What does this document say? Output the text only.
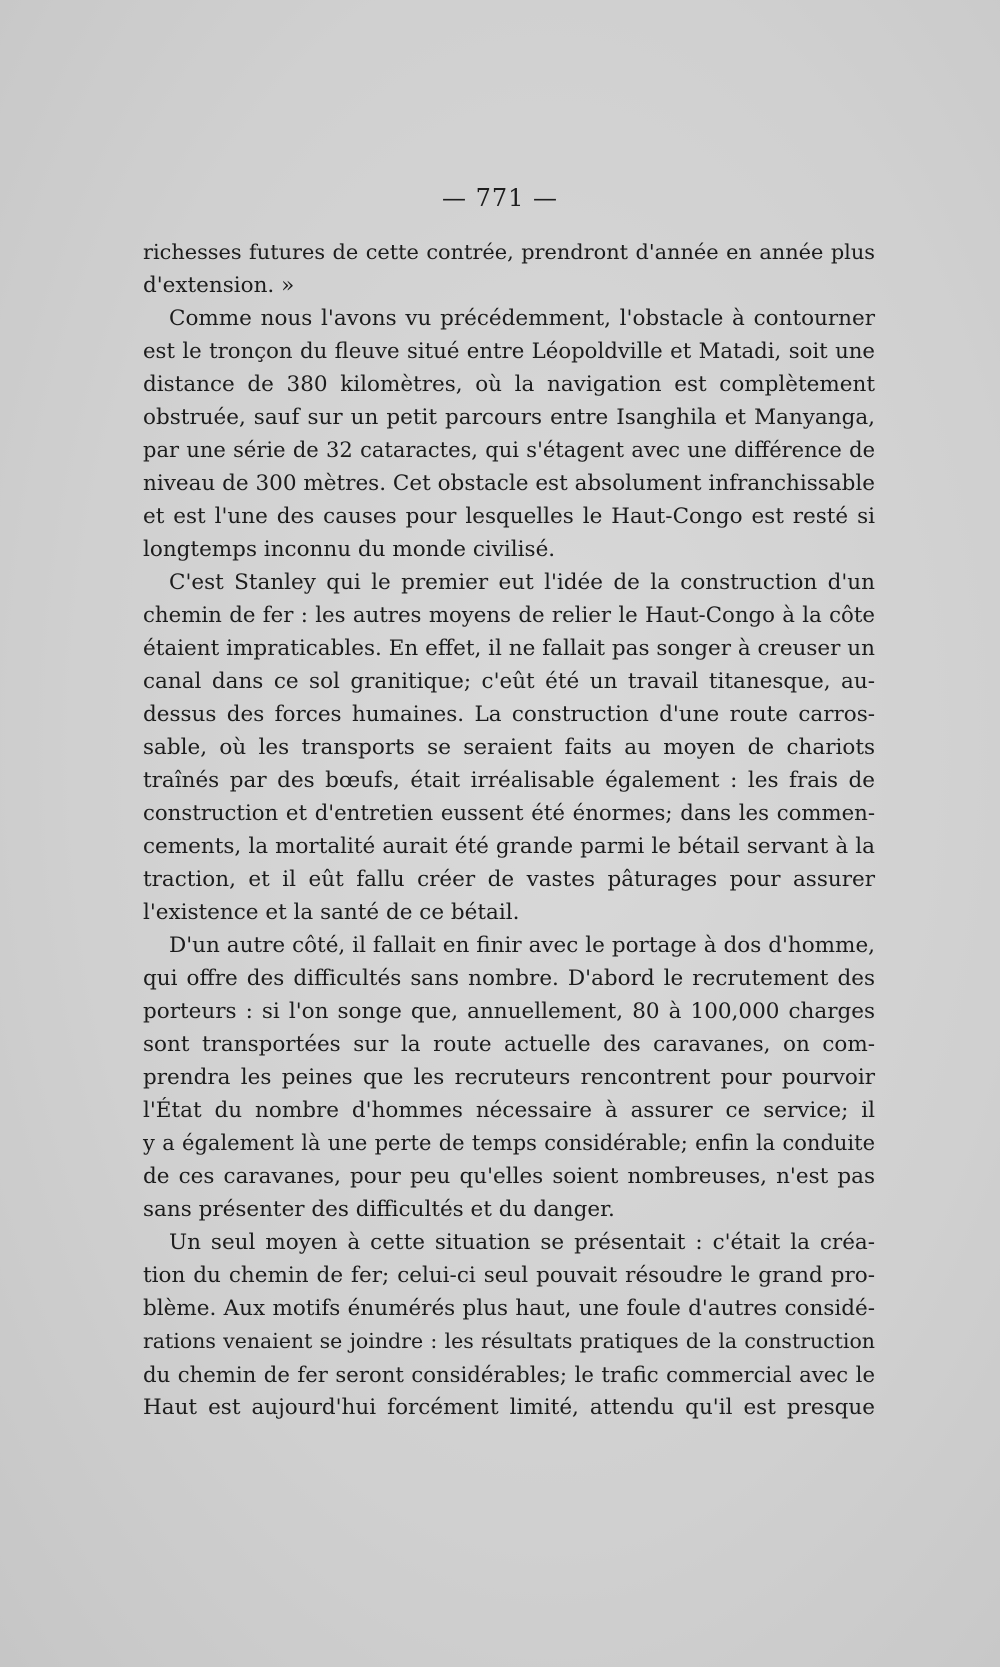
— 771 —
richesses futures de cette contrée, prendront d'année en année plus
d'extension. »
Comme nous l'avons vu précédemment, l'obstacle à contourner
est le tronçon du fleuve situé entre Léopoldville et Matadi, soit une
distance de 380 kilomètres, où la navigation est complètement
obstruée, sauf sur un petit parcours entre Isanghila et Manyanga,
par une série de 32 cataractes, qui s'étagent avec une différence de
niveau de 300 mètres. Cet obstacle est absolument infranchissable
et est l'une des causes pour lesquelles le Haut-Congo est resté si
longtemps inconnu du monde civilisé.
C'est Stanley qui le premier eut l'idée de la construction d'un
chemin de fer : les autres moyens de relier le Haut-Congo à la côte
étaient impraticables. En effet, il ne fallait pas songer à creuser un
canal dans ce sol granitique; c'eût été un travail titanesque, au-
dessus des forces humaines. La construction d'une route carros-
sable, où les transports se seraient faits au moyen de chariots
traînés par des bœufs, était irréalisable également : les frais de
construction et d'entretien eussent été énormes; dans les commen-
cements, la mortalité aurait été grande parmi le bétail servant à la
traction, et il eût fallu créer de vastes pâturages pour assurer
l'existence et la santé de ce bétail.
D'un autre côté, il fallait en finir avec le portage à dos d'homme,
qui offre des difficultés sans nombre. D'abord le recrutement des
porteurs : si l'on songe que, annuellement, 80 à 100,000 charges
sont transportées sur la route actuelle des caravanes, on com-
prendra les peines que les recruteurs rencontrent pour pourvoir
l'État du nombre d'hommes nécessaire à assurer ce service; il
y a également là une perte de temps considérable; enfin la conduite
de ces caravanes, pour peu qu'elles soient nombreuses, n'est pas
sans présenter des difficultés et du danger.
Un seul moyen à cette situation se présentait : c'était la créa-
tion du chemin de fer; celui-ci seul pouvait résoudre le grand pro-
blème. Aux motifs énumérés plus haut, une foule d'autres considé-
rations venaient se joindre : les résultats pratiques de la construction
du chemin de fer seront considérables; le trafic commercial avec le
Haut est aujourd'hui forcément limité, attendu qu'il est presque
